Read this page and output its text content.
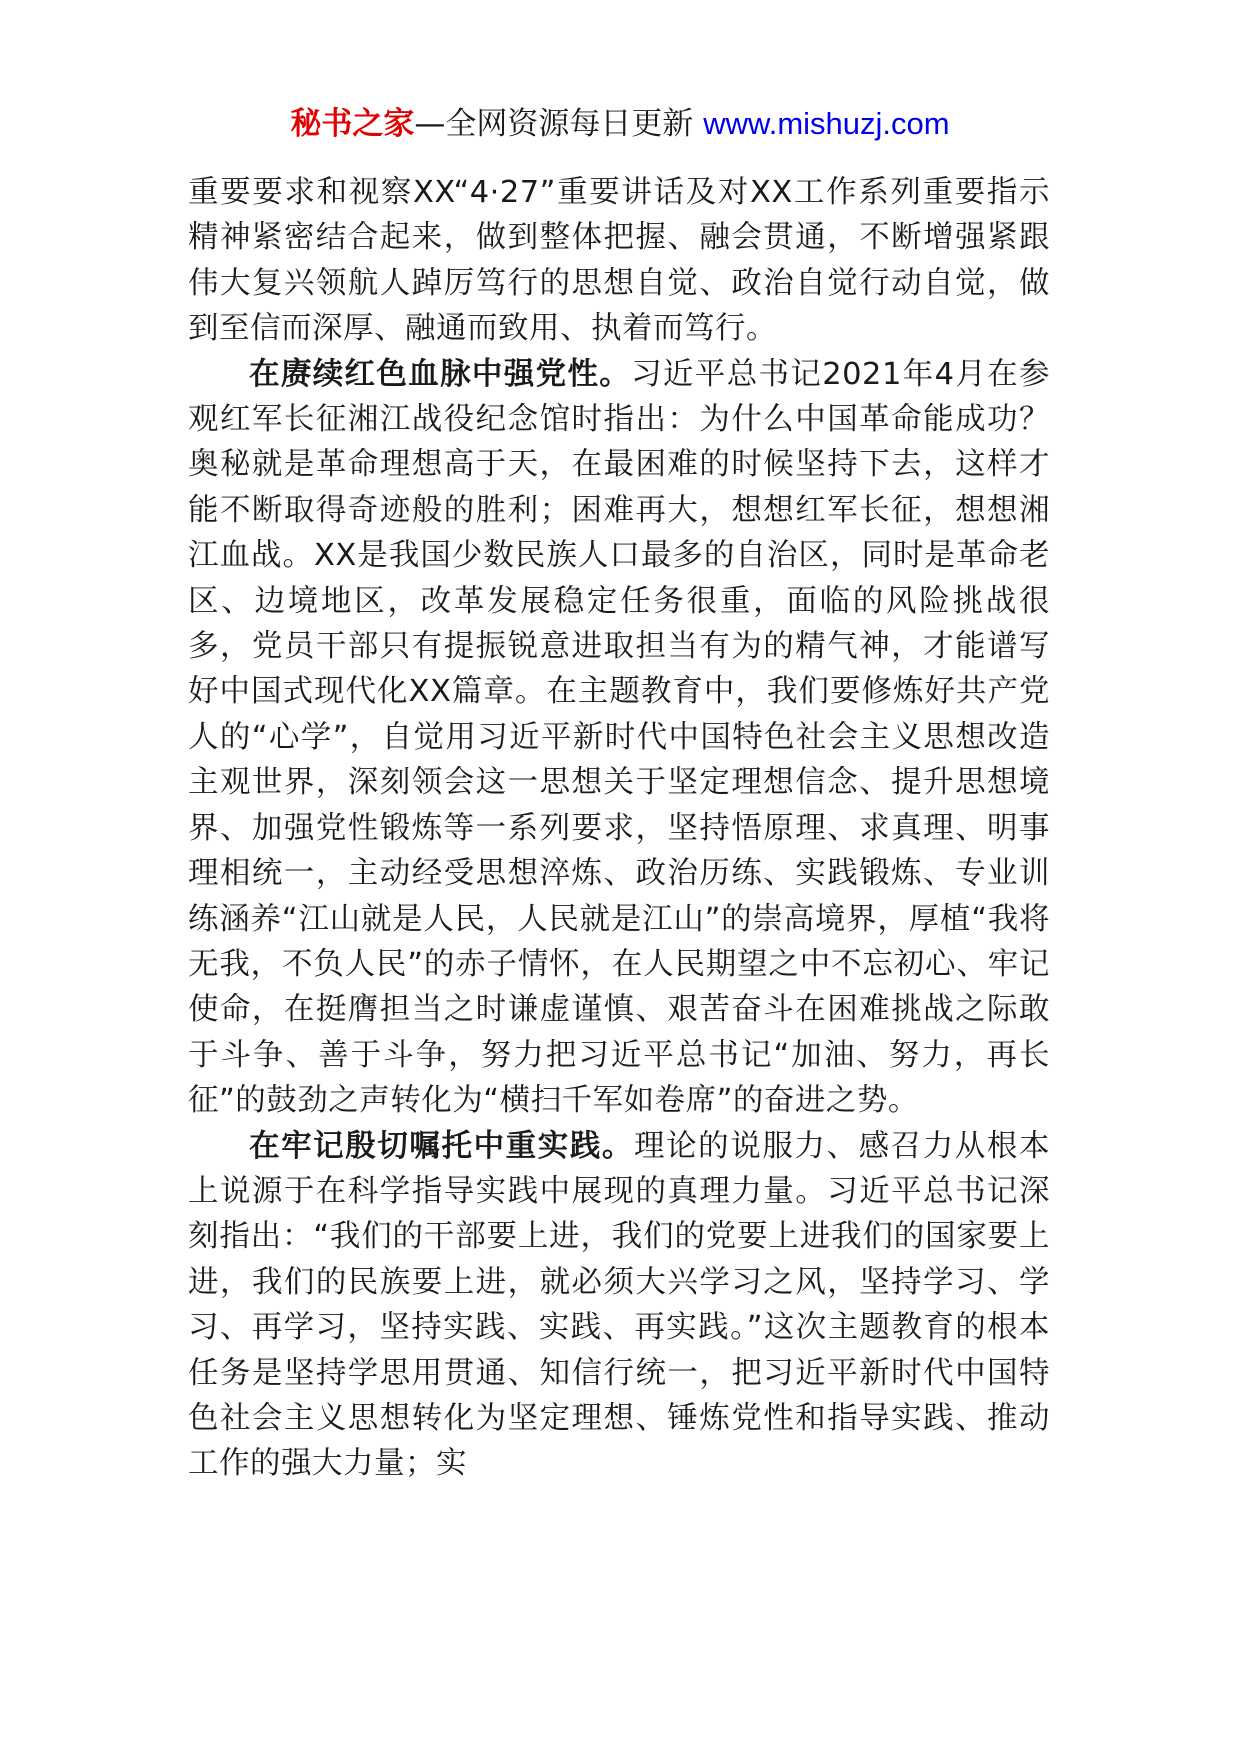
秘书之家—全网资源每日更新 www.mishuzj.com

重要要求和视察XX“4·27”重要讲话及对XX工作系列重要指示精神紧密结合起来，做到整体把握、融会贯通，不断增强紧跟伟大复兴领航人踔厉笃行的思想自觉、政治自觉行动自觉，做到至信而深厚、融通而致用、执着而笃行。

在赓续红色血脉中强党性。习近平总书记2021年4月在参观红军长征湘江战役纪念馆时指出：为什么中国革命能成功？奥秘就是革命理想高于天，在最困难的时候坚持下去，这样才能不断取得奇迹般的胜利；困难再大，想想红军长征，想想湘江血战。XX是我国少数民族人口最多的自治区，同时是革命老区、边境地区，改革发展稳定任务很重，面临的风险挑战很多，党员干部只有提振锐意进取担当有为的精气神，才能谱写好中国式现代化XX篇章。在主题教育中，我们要修炼好共产党人的“心学”，自觉用习近平新时代中国特色社会主义思想改造主观世界，深刻领会这一思想关于坚定理想信念、提升思想境界、加强党性锻炼等一系列要求，坚持悟原理、求真理、明事理相统一，主动经受思想淬炼、政治历练、实践锻炼、专业训练涵养“江山就是人民，人民就是江山”的崇高境界，厚植“我将无我，不负人民”的赤子情怀，在人民期望之中不忘初心、牢记使命，在挺膺担当之时谦虚谨慎、艰苦奋斗在困难挑战之际敢于斗争、善于斗争，努力把习近平总书记“加油、努力，再长征”的鼓劲之声转化为“横扫千军如卷席”的奋进之势。

在牢记殷切嘱托中重实践。理论的说服力、感召力从根本上说源于在科学指导实践中展现的真理力量。习近平总书记深刻指出：“我们的干部要上进，我们的党要上进我们的国家要上进，我们的民族要上进，就必须大兴学习之风，坚持学习、学习、再学习，坚持实践、实践、再实践。”这次主题教育的根本任务是坚持学思用贯通、知信行统一，把习近平新时代中国特色社会主义思想转化为坚定理想、锤炼党性和指导实践、推动工作的强大力量；实
